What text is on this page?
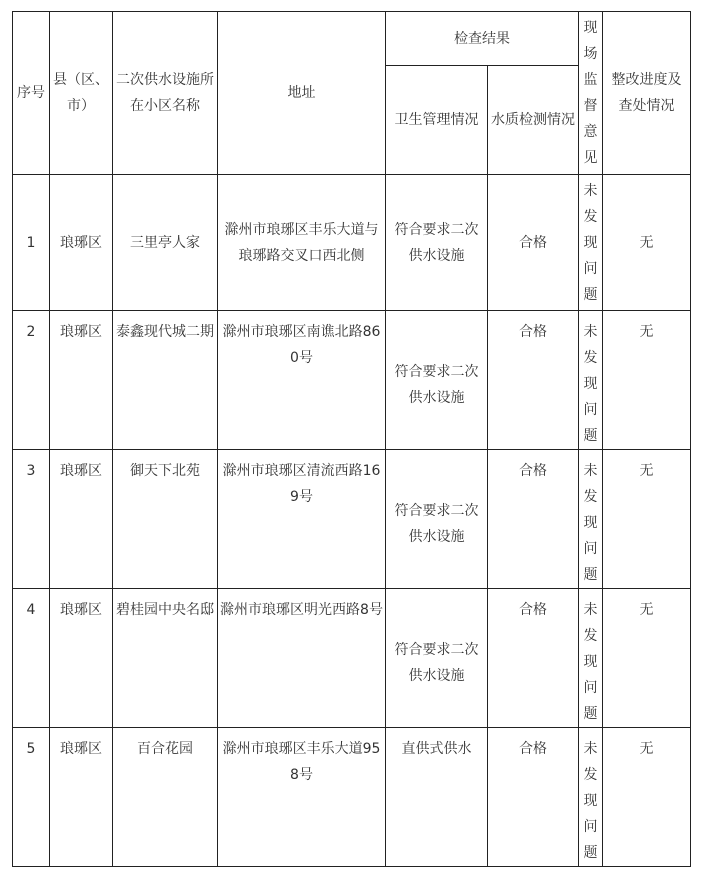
序号	县（区、市）	二次供水设施所在小区名称	地址	检查结果		现场监督意见	整改进度及查处情况
				卫生管理情况	水质检测情况		
1	琅琊区	三里亭人家	滁州市琅琊区丰乐大道与琅琊路交叉口西北侧	符合要求二次供水设施	合格	未发现问题	无
2	琅琊区	泰鑫现代城二期	滁州市琅琊区南谯北路860号	符合要求二次供水设施	合格	未发现问题	无
3	琅琊区	御天下北苑	滁州市琅琊区清流西路169号	符合要求二次供水设施	合格	未发现问题	无
4	琅琊区	碧桂园中央名邸	滁州市琅琊区明光西路8号	符合要求二次供水设施	合格	未发现问题	无
5	琅琊区	百合花园	滁州市琅琊区丰乐大道958号	直供式供水	合格	未发现问题	无
